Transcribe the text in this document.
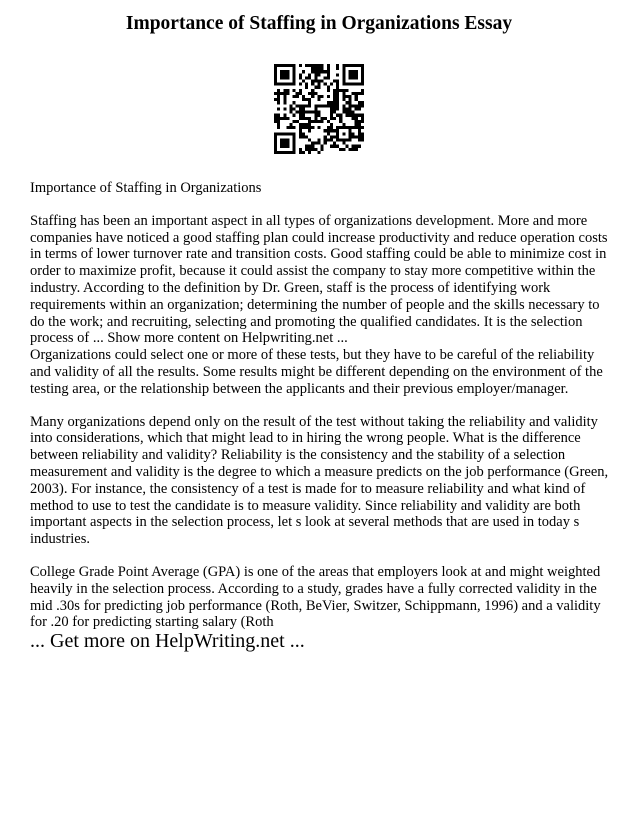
Importance of Staffing in Organizations Essay

Importance of Staffing in Organizations

Staffing has been an important aspect in all types of organizations development. More and more companies have noticed a good staffing plan could increase productivity and reduce operation costs in terms of lower turnover rate and transition costs. Good staffing could be able to minimize cost in order to maximize profit, because it could assist the company to stay more competitive within the industry. According to the definition by Dr. Green, staff is the process of identifying work requirements within an organization; determining the number of people and the skills necessary to do the work; and recruiting, selecting and promoting the qualified candidates. It is the selection process of ... Show more content on Helpwriting.net ...

Organizations could select one or more of these tests, but they have to be careful of the reliability and validity of all the results. Some results might be different depending on the environment of the testing area, or the relationship between the applicants and their previous employer/manager.

Many organizations depend only on the result of the test without taking the reliability and validity into considerations, which that might lead to in hiring the wrong people. What is the difference between reliability and validity? Reliability is the consistency and the stability of a selection measurement and validity is the degree to which a measure predicts on the job performance (Green, 2003). For instance, the consistency of a test is made for to measure reliability and what kind of method to use to test the candidate is to measure validity. Since reliability and validity are both important aspects in the selection process, let s look at several methods that are used in today s industries.

College Grade Point Average (GPA) is one of the areas that employers look at and might weighted heavily in the selection process. According to a study, grades have a fully corrected validity in the mid .30s for predicting job performance (Roth, BeVier, Switzer, Schippmann, 1996) and a validity for .20 for predicting starting salary (Roth

... Get more on HelpWriting.net ...
